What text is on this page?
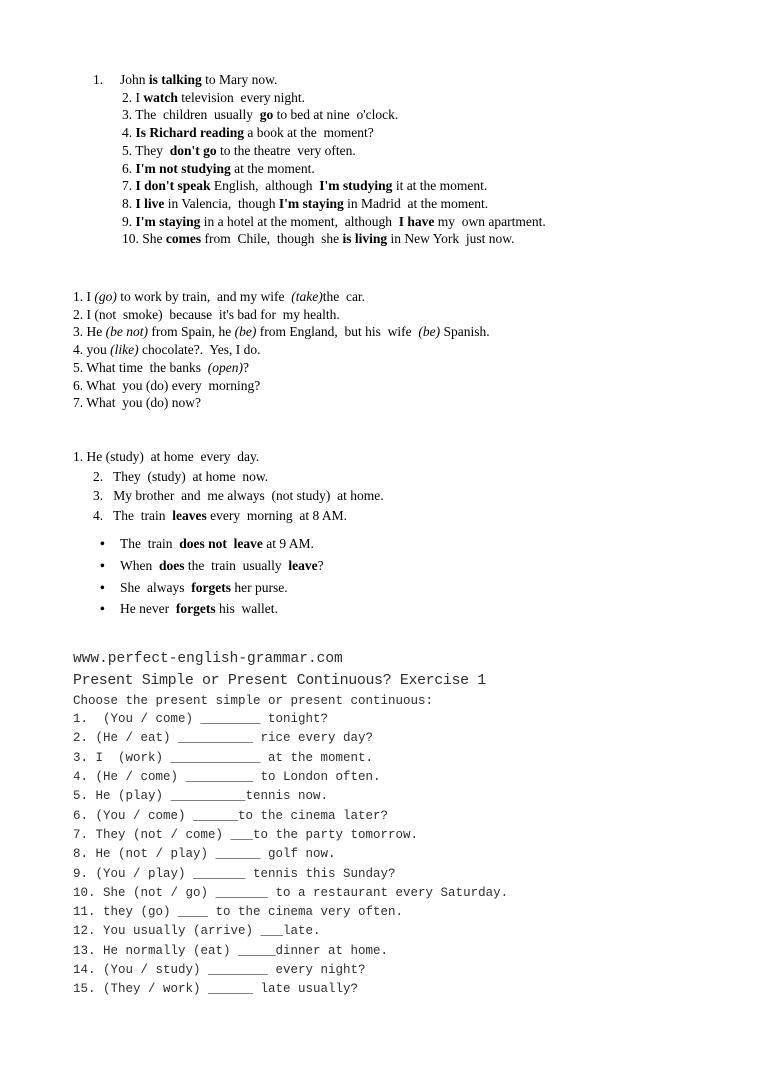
1.     John is talking to Mary now.
2. I watch television  every night.
3. The  children  usually  go to bed at nine  o'clock.
4. Is Richard reading a book at the  moment?
5. They  don't go to the theatre  very often.
6. I'm not studying at the moment.
7. I don't speak English,  although  I'm studying it at the moment.
8. I live in Valencia,  though I'm staying in Madrid  at the moment.
9. I'm staying in a hotel at the moment,  although  I have my  own apartment.
10. She comes from  Chile,  though  she is living in New York  just now.
1. I (go) to work by train,  and my wife  (take)the  car.
2. I (not  smoke)  because  it's bad for  my health.
3. He (be not) from Spain, he (be) from England,  but his  wife  (be) Spanish.
4. you (like) chocolate?.  Yes, I do.
5. What time  the banks  (open)?
6. What  you (do) every  morning?
7. What  you (do) now?
1. He (study)  at home  every  day.
2.   They  (study)  at home  now.
3.   My brother  and  me always  (not study)  at home.
4.   The  train  leaves every  morning  at 8 AM.
• The  train  does not  leave at 9 AM.
• When  does the  train  usually  leave?
• She  always  forgets her purse.
• He never  forgets his  wallet.
www.perfect-english-grammar.com
Present Simple or Present Continuous? Exercise 1
Choose the present simple or present continuous:
1.  (You / come) ________ tonight?
2. (He / eat) __________ rice every day?
3. I  (work) ____________ at the moment.
4. (He / come) _________ to London often.
5. He (play) __________tennis now.
6. (You / come) ______to the cinema later?
7. They (not / come) ___to the party tomorrow.
8. He (not / play) ______ golf now.
9. (You / play) _______ tennis this Sunday?
10. She (not / go) _______ to a restaurant every Saturday.
11. they (go) ____ to the cinema very often.
12. You usually (arrive) ___late.
13. He normally (eat) _____dinner at home.
14. (You / study) ________ every night?
15. (They / work) ______ late usually?
